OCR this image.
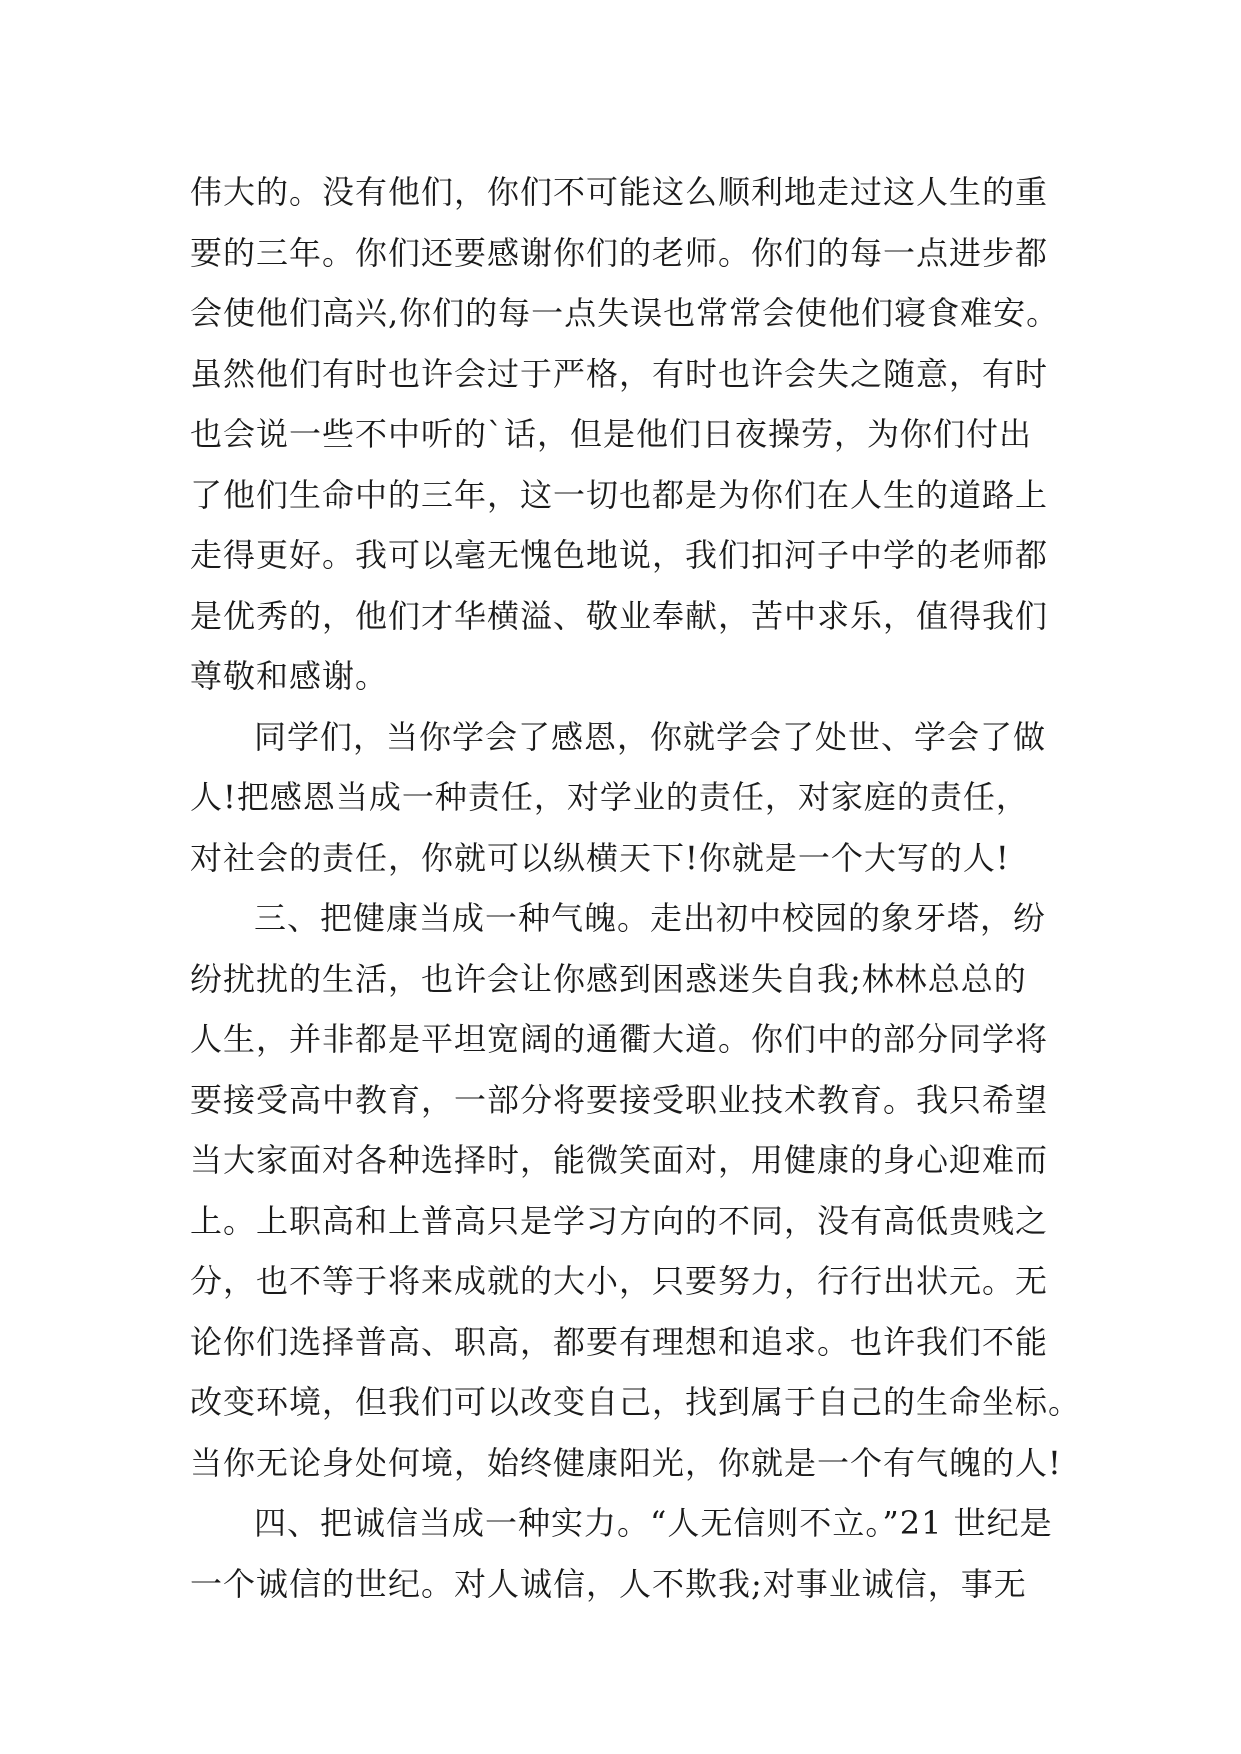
伟大的。没有他们，你们不可能这么顺利地走过这人生的重
要的三年。你们还要感谢你们的老师。你们的每一点进步都
会使他们高兴,你们的每一点失误也常常会使他们寝食难安。
虽然他们有时也许会过于严格，有时也许会失之随意，有时
也会说一些不中听的`话，但是他们日夜操劳，为你们付出
了他们生命中的三年，这一切也都是为你们在人生的道路上
走得更好。我可以毫无愧色地说，我们扣河子中学的老师都
是优秀的，他们才华横溢、敬业奉献，苦中求乐，值得我们
尊敬和感谢。
同学们，当你学会了感恩，你就学会了处世、学会了做
人!把感恩当成一种责任，对学业的责任，对家庭的责任，
对社会的责任，你就可以纵横天下!你就是一个大写的人!
三、把健康当成一种气魄。走出初中校园的象牙塔，纷
纷扰扰的生活，也许会让你感到困惑迷失自我;林林总总的
人生，并非都是平坦宽阔的通衢大道。你们中的部分同学将
要接受高中教育，一部分将要接受职业技术教育。我只希望
当大家面对各种选择时，能微笑面对，用健康的身心迎难而
上。上职高和上普高只是学习方向的不同，没有高低贵贱之
分，也不等于将来成就的大小，只要努力，行行出状元。无
论你们选择普高、职高，都要有理想和追求。也许我们不能
改变环境，但我们可以改变自己，找到属于自己的生命坐标。
当你无论身处何境，始终健康阳光，你就是一个有气魄的人!
四、把诚信当成一种实力。“人无信则不立。”21 世纪是
一个诚信的世纪。对人诚信，人不欺我;对事业诚信，事无
